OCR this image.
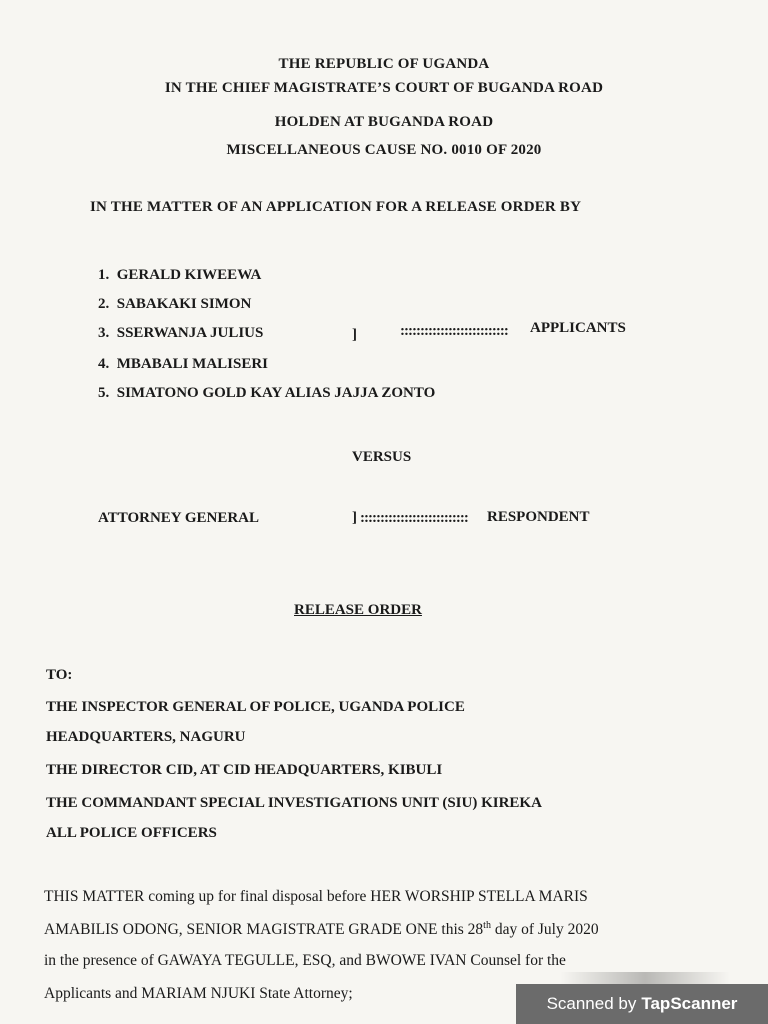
THE REPUBLIC OF UGANDA
IN THE CHIEF MAGISTRATE’S COURT OF BUGANDA ROAD
HOLDEN AT BUGANDA ROAD
MISCELLANEOUS CAUSE NO. 0010 OF 2020
IN THE MATTER OF AN APPLICATION FOR A RELEASE ORDER BY
1. GERALD KIWEEWA
2. SABAKAKI SIMON
3. SSERWANJA JULIUS
4. MBABALI MALISERI
5. SIMATONO GOLD KAY ALIAS JAJJA ZONTO
]	::::::::::::::::::::::::::: APPLICANTS
VERSUS
ATTORNEY GENERAL	] ::::::::::::::::::::::::::: RESPONDENT
RELEASE ORDER
TO:
THE INSPECTOR GENERAL OF POLICE, UGANDA POLICE
HEADQUARTERS, NAGURU
THE DIRECTOR CID, AT CID HEADQUARTERS, KIBULI
THE COMMANDANT SPECIAL INVESTIGATIONS UNIT (SIU) KIREKA
ALL POLICE OFFICERS
THIS MATTER coming up for final disposal before HER WORSHIP STELLA MARIS
AMABILIS ODONG, SENIOR MAGISTRATE GRADE ONE this 28th day of July 2020
in the presence of GAWAYA TEGULLE, ESQ, and BWOWE IVAN Counsel for the
Applicants and MARIAM NJUKI State Attorney;
Scanned by TapScanner
